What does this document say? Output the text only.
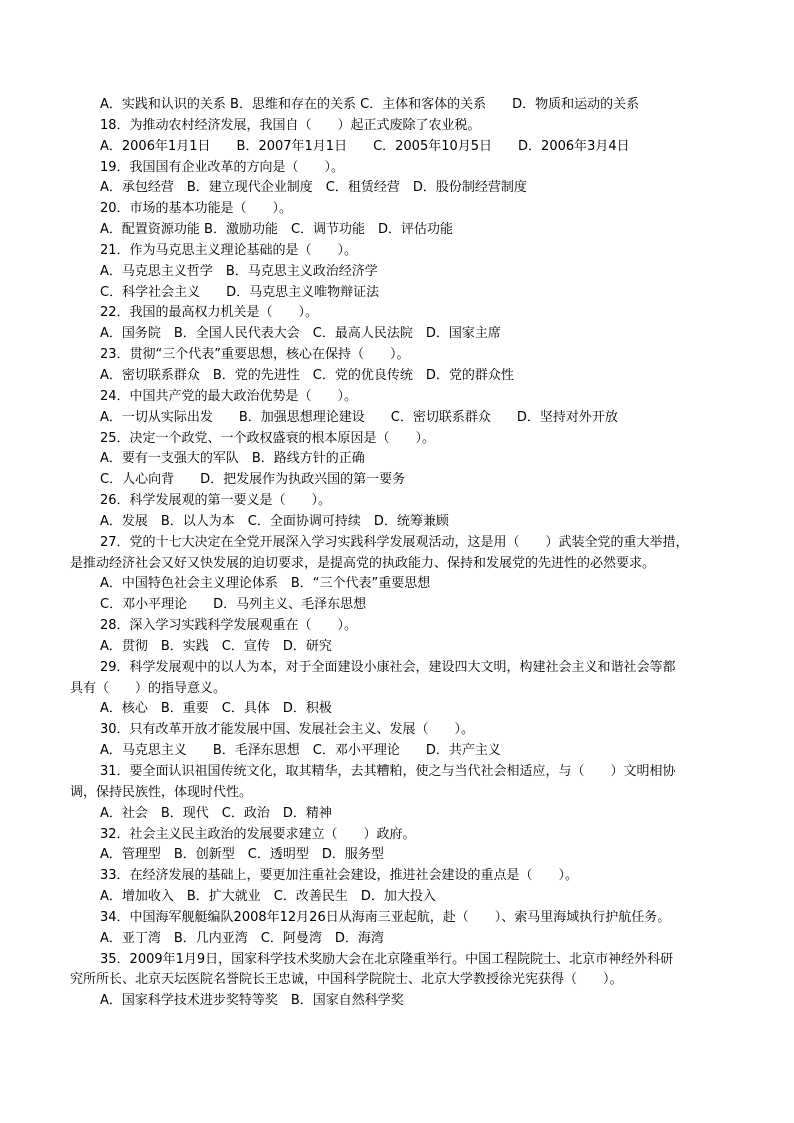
A．实践和认识的关系 B．思维和存在的关系 C．主体和客体的关系　　D．物质和运动的关系
18．为推动农村经济发展，我国自（　　）起正式废除了农业税。
A．2006年1月1日　　B．2007年1月1日　　C．2005年10月5日　　D．2006年3月4日
19．我国国有企业改革的方向是（　　）。
A．承包经营　B．建立现代企业制度　C．租赁经营　D．股份制经营制度
20．市场的基本功能是（　　）。
A．配置资源功能 B．激励功能　C．调节功能　D．评估功能
21．作为马克思主义理论基础的是（　　）。
A．马克思主义哲学　B．马克思主义政治经济学
C．科学社会主义　　D．马克思主义唯物辩证法
22．我国的最高权力机关是（　　）。
A．国务院　B．全国人民代表大会　C．最高人民法院　D．国家主席
23．贯彻“三个代表”重要思想，核心在保持（　　）。
A．密切联系群众　B．党的先进性　C．党的优良传统　D．党的群众性
24．中国共产党的最大政治优势是（　　）。
A．一切从实际出发　　B．加强思想理论建设　　C．密切联系群众　　D．坚持对外开放
25．决定一个政党、一个政权盛衰的根本原因是（　　）。
A．要有一支强大的军队　B．路线方针的正确
C．人心向背　　D．把发展作为执政兴国的第一要务
26．科学发展观的第一要义是（　　）。
A．发展　B．以人为本　C．全面协调可持续　D．统筹兼顾
27．党的十七大决定在全党开展深入学习实践科学发展观活动，这是用（　　）武装全党的重大举措，
是推动经济社会又好又快发展的迫切要求，是提高党的执政能力、保持和发展党的先进性的必然要求。
A．中国特色社会主义理论体系　B．“三个代表”重要思想
C．邓小平理论　　D．马列主义、毛泽东思想
28．深入学习实践科学发展观重在（　　）。
A．贯彻　B．实践　C．宣传　D．研究
29．科学发展观中的以人为本，对于全面建设小康社会，建设四大文明，构建社会主义和谐社会等都
具有（　　）的指导意义。
A．核心　B．重要　C．具体　D．积极
30．只有改革开放才能发展中国、发展社会主义、发展（　　）。
A．马克思主义　　B．毛泽东思想　C．邓小平理论　　D．共产主义
31．要全面认识祖国传统文化，取其精华，去其糟粕，使之与当代社会相适应，与（　　）文明相协
调，保持民族性，体现时代性。
A．社会　B．现代　C．政治　D．精神
32．社会主义民主政治的发展要求建立（　　）政府。
A．管理型　B．创新型　C．透明型　D．服务型
33．在经济发展的基础上，要更加注重社会建设，推进社会建设的重点是（　　）。
A．增加收入　B．扩大就业　C．改善民生　D．加大投入
34．中国海军舰艇编队2008年12月26日从海南三亚起航，赴（　　）、索马里海域执行护航任务。
A．亚丁湾　B．几内亚湾　C．阿曼湾　D．海湾
35．2009年1月9日，国家科学技术奖励大会在北京隆重举行。中国工程院院士、北京市神经外科研
究所所长、北京天坛医院名誉院长王忠诚，中国科学院院士、北京大学教授徐光宪获得（　　）。
A．国家科学技术进步奖特等奖　B．国家自然科学奖
